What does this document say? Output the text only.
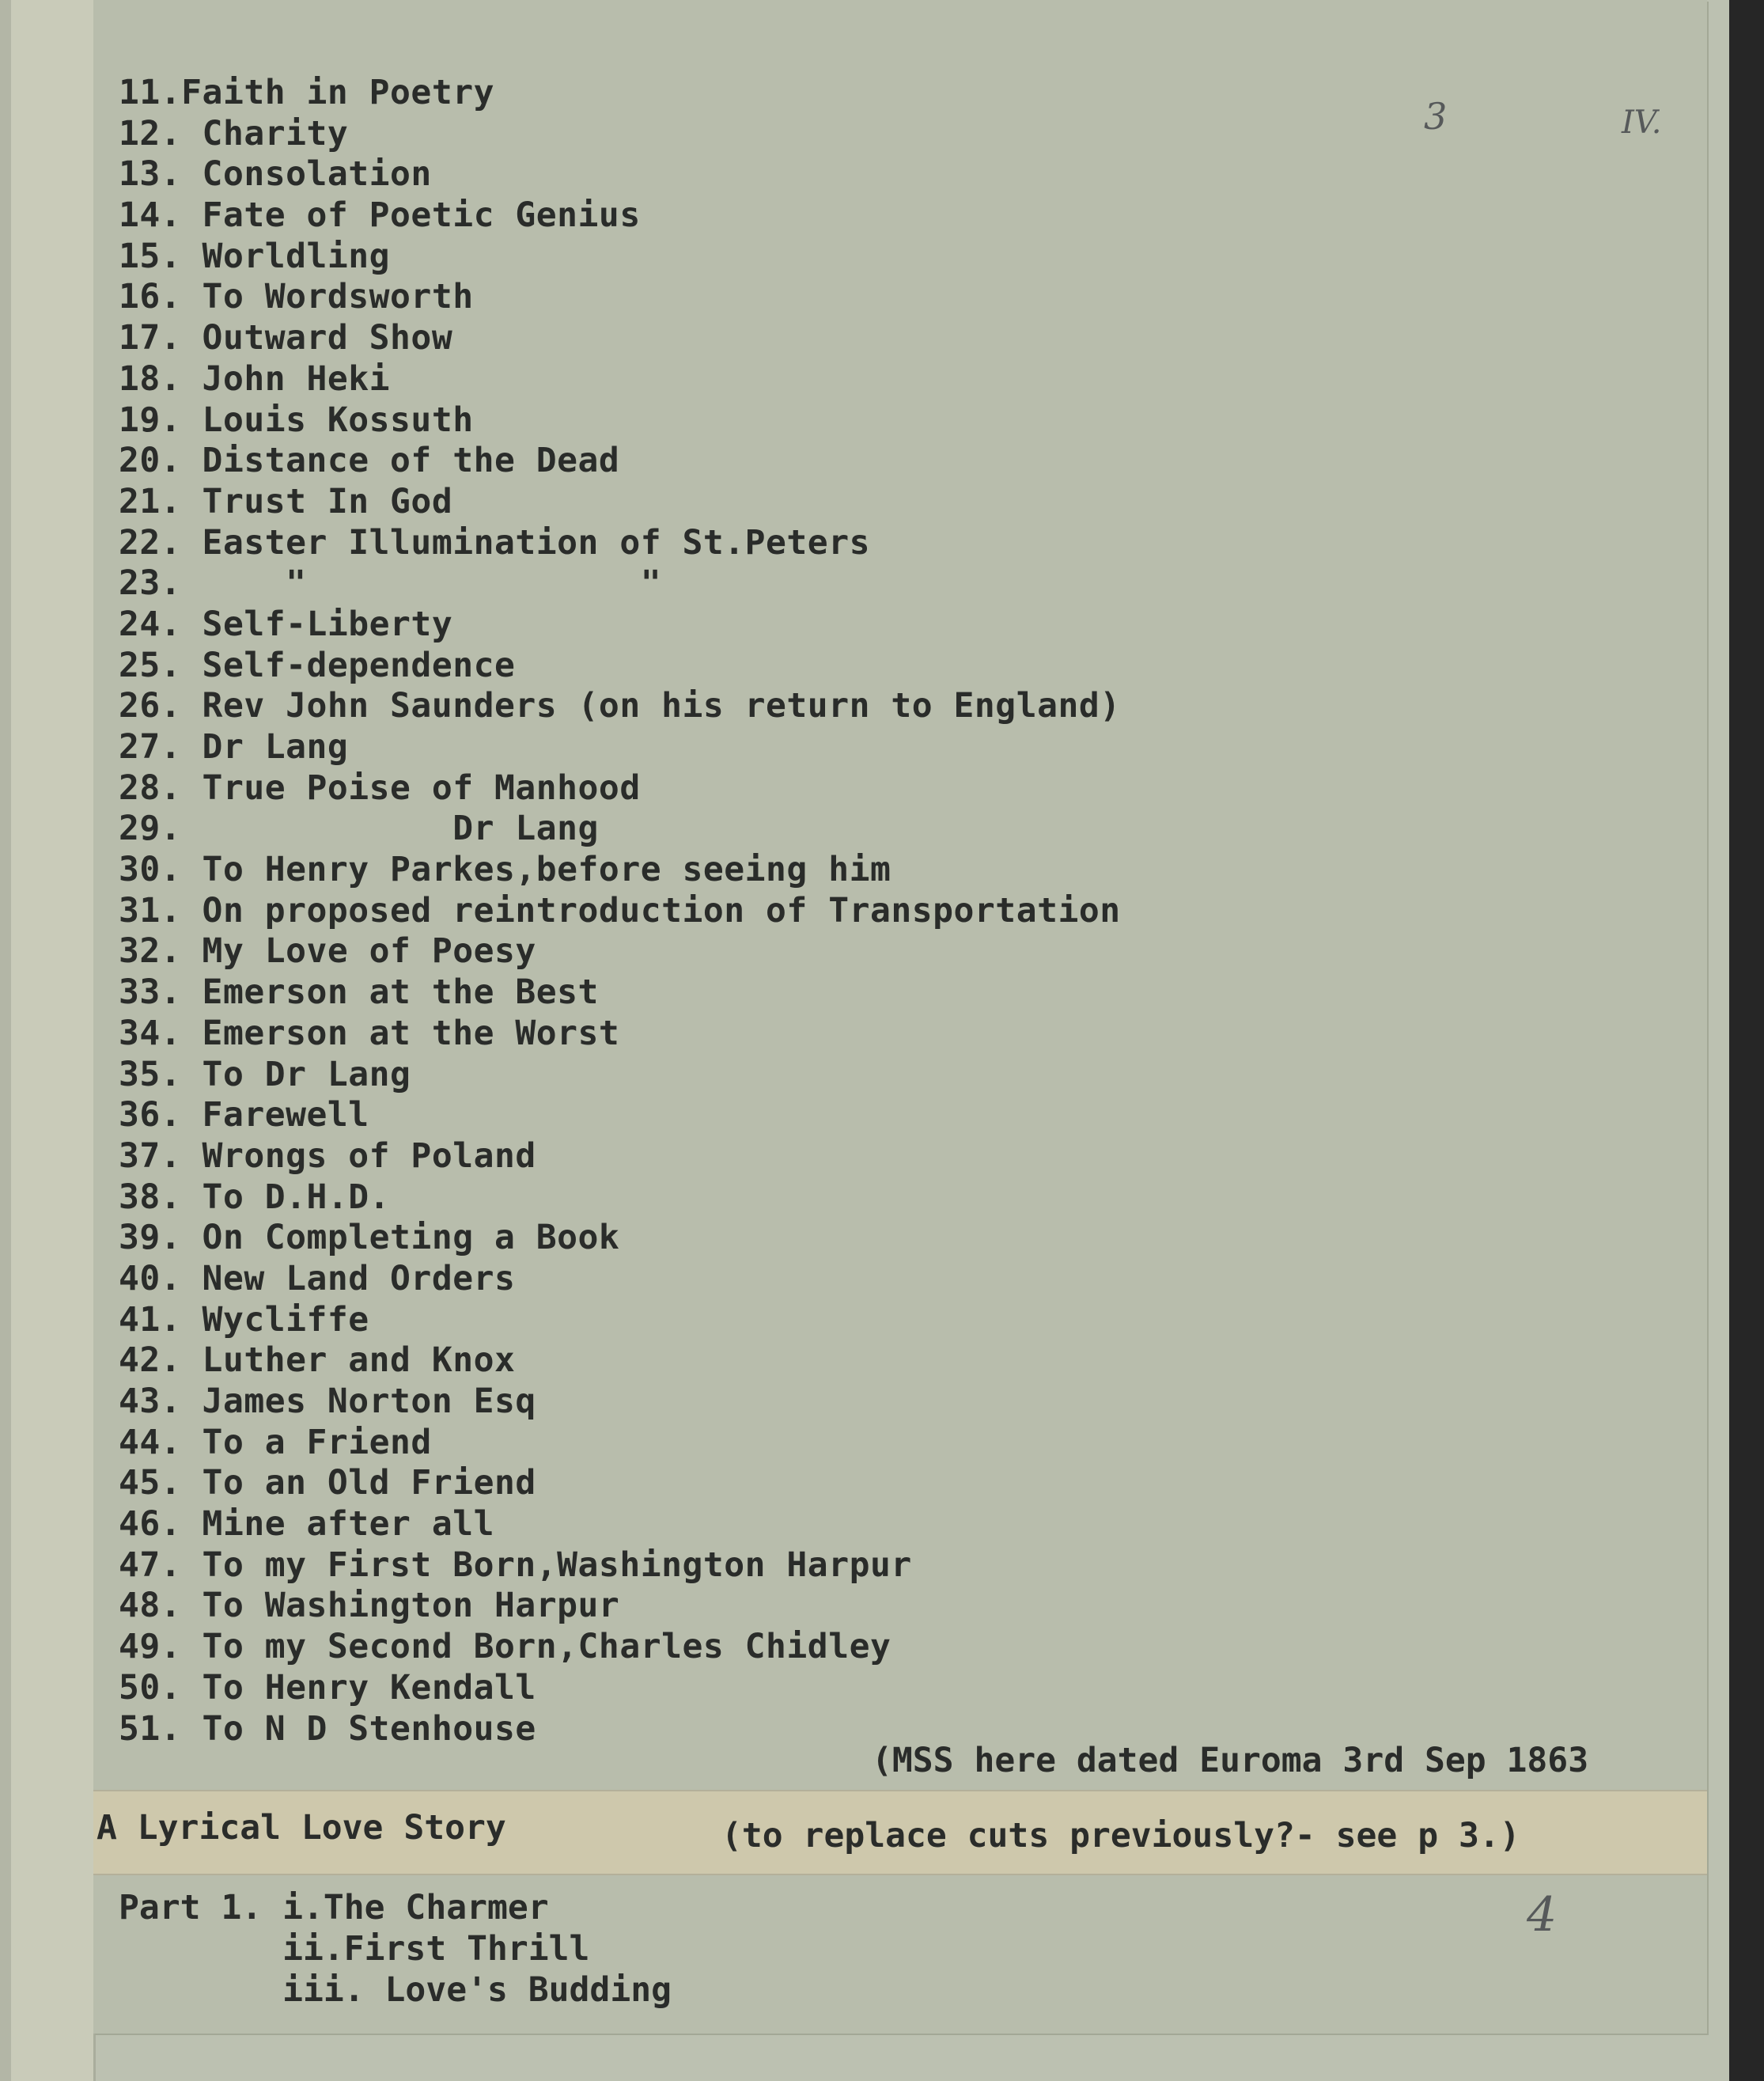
3	IV.
11.Faith in Poetry
12. Charity
13. Consolation
14. Fate of Poetic Genius
15. Worldling
16. To Wordsworth
17. Outward Show
18. John Heki
19. Louis Kossuth
20. Distance of the Dead
21. Trust In God
22. Easter Illumination of St.Peters
23.     "                "
24. Self-Liberty
25. Self-dependence
26. Rev John Saunders (on his return to England)
27. Dr Lang
28. True Poise of Manhood
29.             Dr Lang
30. To Henry Parkes,before seeing him
31. On proposed reintroduction of Transportation
32. My Love of Poesy
33. Emerson at the Best
34. Emerson at the Worst
35. To Dr Lang
36. Farewell
37. Wrongs of Poland
38. To D.H.D.
39. On Completing a Book
40. New Land Orders
41. Wycliffe
42. Luther and Knox
43. James Norton Esq
44. To a Friend
45. To an Old Friend
46. Mine after all
47. To my First Born,Washington Harpur
48. To Washington Harpur
49. To my Second Born,Charles Chidley
50. To Henry Kendall
51. To N D Stenhouse
(MSS here dated Euroma 3rd Sep 1863
A Lyrical Love Story	(to replace cuts previously?- see p 3.)
Part 1. i.The Charmer
ii.First Thrill
iii. Love's Budding
4
